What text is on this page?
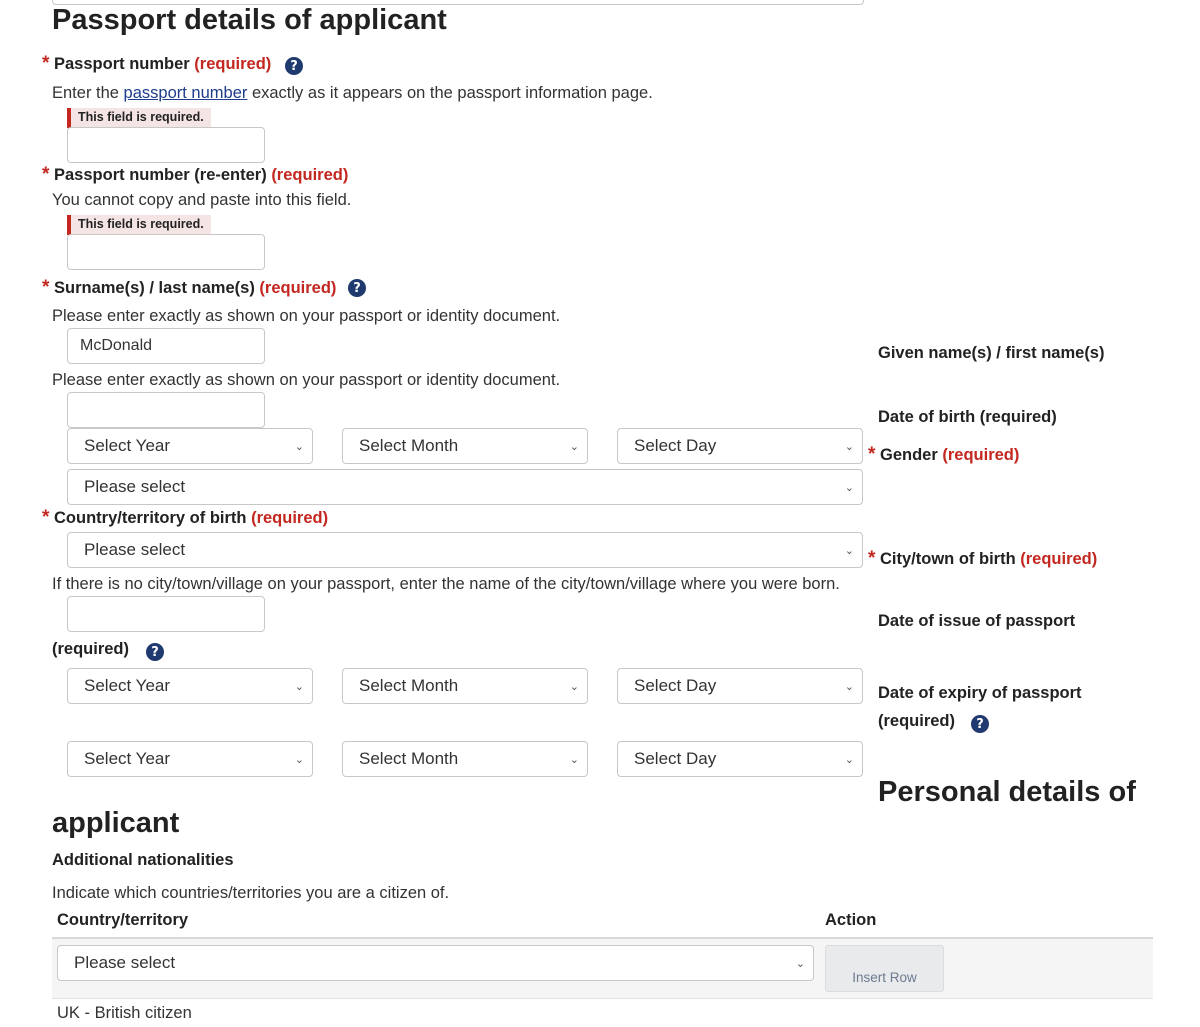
Passport details of applicant
* Passport number (required)	?
Enter the passport number exactly as it appears on the passport information page.
This field is required.
* Passport number (re-enter) (required)
You cannot copy and paste into this field.
This field is required.
* Surname(s) / last name(s) (required)	?
Please enter exactly as shown on your passport or identity document.
McDonald	Given name(s) / first name(s)
Please enter exactly as shown on your passport or identity document.
Date of birth (required)
Select Year	⌄	Select Month	⌄	Select Day	⌄ * Gender (required)
Please select	⌄
* Country/territory of birth (required)
Please select	⌄ * City/town of birth (required)
If there is no city/town/village on your passport, enter the name of the city/town/village where you were born.
Date of issue of passport
(required)	?
Select Year	⌄	Select Month	⌄	Select Day	⌄ Date of expiry of passport
(required)	?
Select Year	⌄	Select Month	⌄	Select Day	⌄
Personal details of
applicant
Additional nationalities
Indicate which countries/territories you are a citizen of.
Country/territory	Action
Please select	⌄
Insert Row
UK - British citizen
